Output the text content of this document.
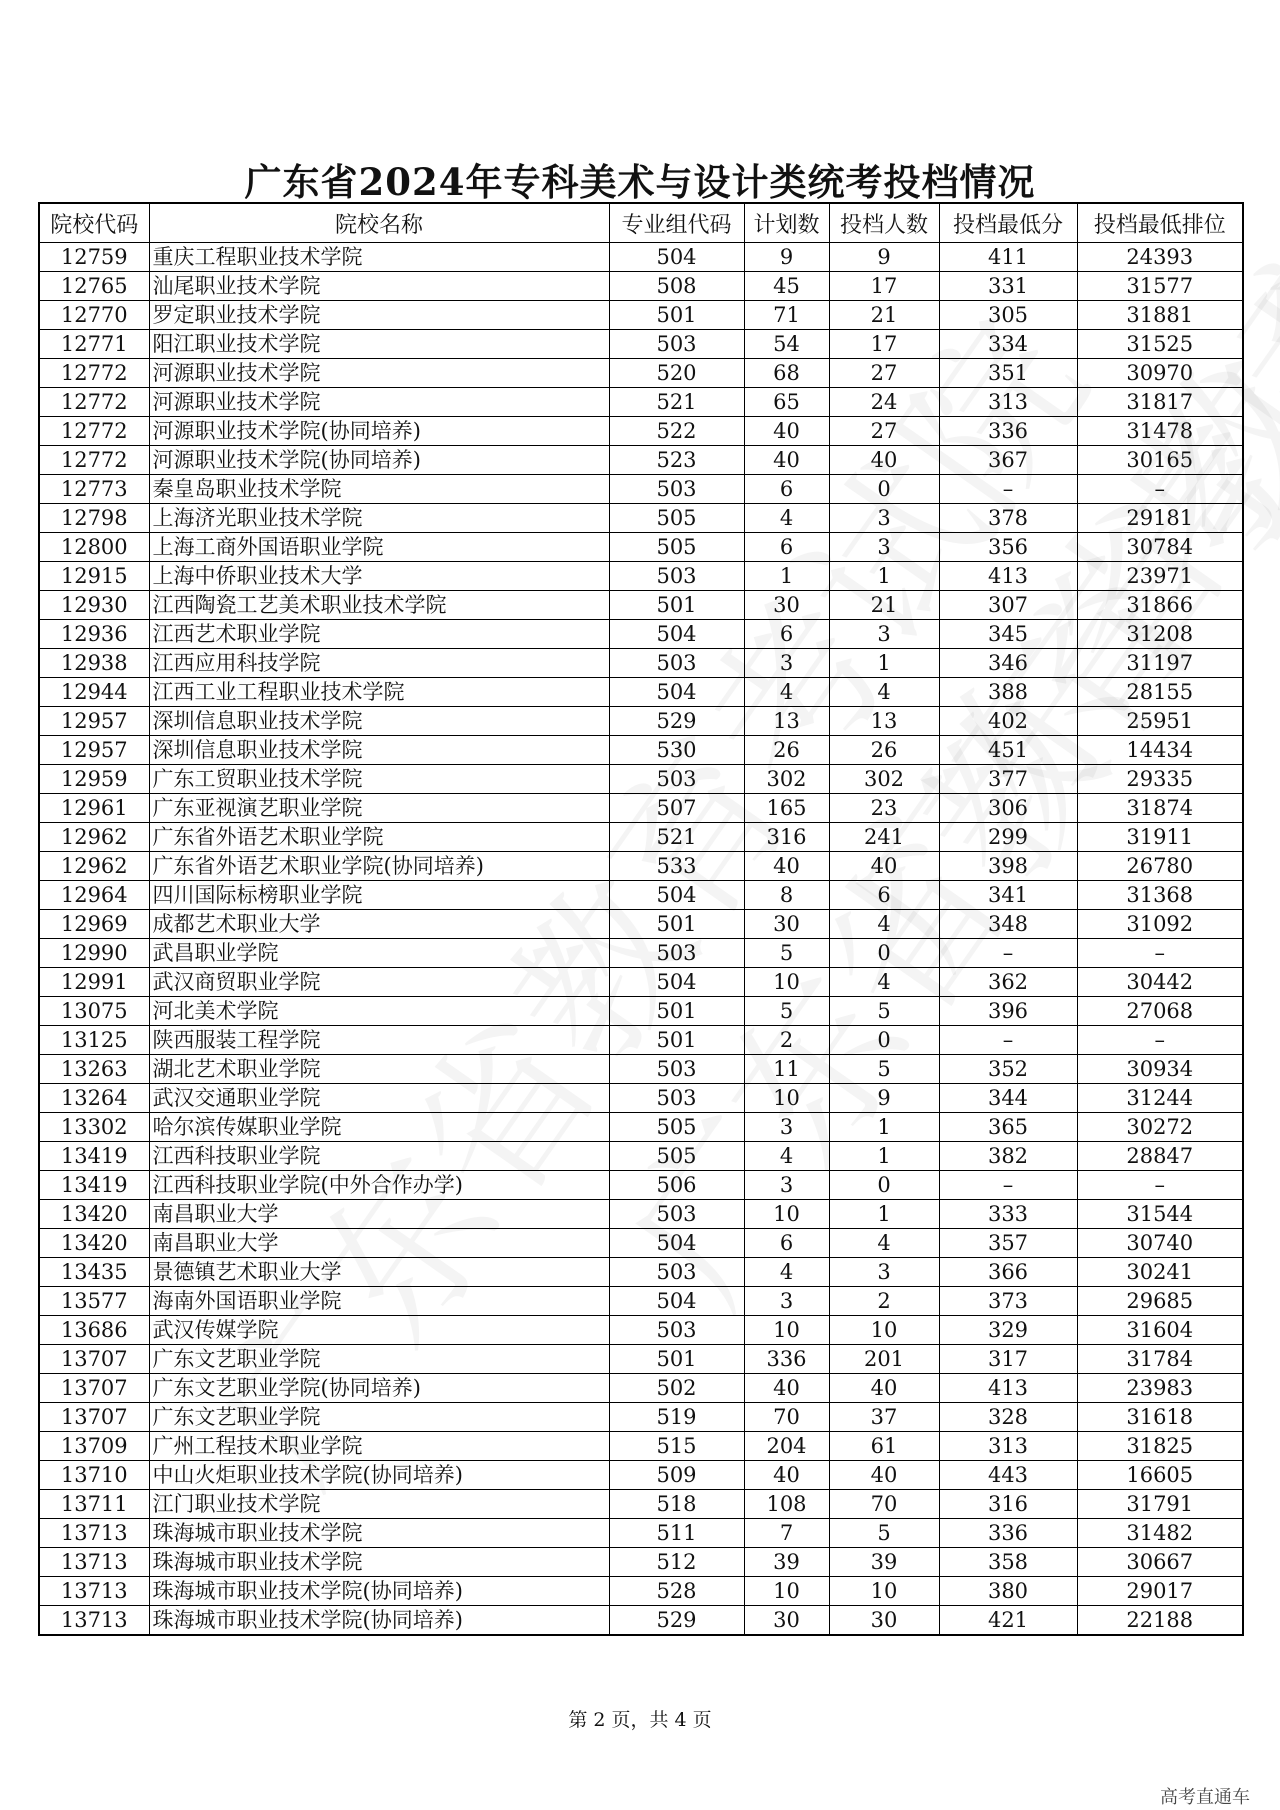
广东省2024年专科美术与设计类统考投档情况
院校代码	院校名称	专业组代码	计划数	投档人数	投档最低分	投档最低排位
12759	重庆工程职业技术学院	504	9	9	411	24393
12765	汕尾职业技术学院	508	45	17	331	31577
12770	罗定职业技术学院	501	71	21	305	31881
12771	阳江职业技术学院	503	54	17	334	31525
12772	河源职业技术学院	520	68	27	351	30970
12772	河源职业技术学院	521	65	24	313	31817
12772	河源职业技术学院(协同培养)	522	40	27	336	31478
12772	河源职业技术学院(协同培养)	523	40	40	367	30165
12773	秦皇岛职业技术学院	503	6	0	–	–
12798	上海济光职业技术学院	505	4	3	378	29181
12800	上海工商外国语职业学院	505	6	3	356	30784
12915	上海中侨职业技术大学	503	1	1	413	23971
12930	江西陶瓷工艺美术职业技术学院	501	30	21	307	31866
12936	江西艺术职业学院	504	6	3	345	31208
12938	江西应用科技学院	503	3	1	346	31197
12944	江西工业工程职业技术学院	504	4	4	388	28155
12957	深圳信息职业技术学院	529	13	13	402	25951
12957	深圳信息职业技术学院	530	26	26	451	14434
12959	广东工贸职业技术学院	503	302	302	377	29335
12961	广东亚视演艺职业学院	507	165	23	306	31874
12962	广东省外语艺术职业学院	521	316	241	299	31911
12962	广东省外语艺术职业学院(协同培养)	533	40	40	398	26780
12964	四川国际标榜职业学院	504	8	6	341	31368
12969	成都艺术职业大学	501	30	4	348	31092
12990	武昌职业学院	503	5	0	–	–
12991	武汉商贸职业学院	504	10	4	362	30442
13075	河北美术学院	501	5	5	396	27068
13125	陕西服装工程学院	501	2	0	–	–
13263	湖北艺术职业学院	503	11	5	352	30934
13264	武汉交通职业学院	503	10	9	344	31244
13302	哈尔滨传媒职业学院	505	3	1	365	30272
13419	江西科技职业学院	505	4	1	382	28847
13419	江西科技职业学院(中外合作办学)	506	3	0	–	–
13420	南昌职业大学	503	10	1	333	31544
13420	南昌职业大学	504	6	4	357	30740
13435	景德镇艺术职业大学	503	4	3	366	30241
13577	海南外国语职业学院	504	3	2	373	29685
13686	武汉传媒学院	503	10	10	329	31604
13707	广东文艺职业学院	501	336	201	317	31784
13707	广东文艺职业学院(协同培养)	502	40	40	413	23983
13707	广东文艺职业学院	519	70	37	328	31618
13709	广州工程技术职业学院	515	204	61	313	31825
13710	中山火炬职业技术学院(协同培养)	509	40	40	443	16605
13711	江门职业技术学院	518	108	70	316	31791
13713	珠海城市职业技术学院	511	7	5	336	31482
13713	珠海城市职业技术学院	512	39	39	358	30667
13713	珠海城市职业技术学院(协同培养)	528	10	10	380	29017
13713	珠海城市职业技术学院(协同培养)	529	30	30	421	22188
第 2 页，共 4 页
高考直通车
